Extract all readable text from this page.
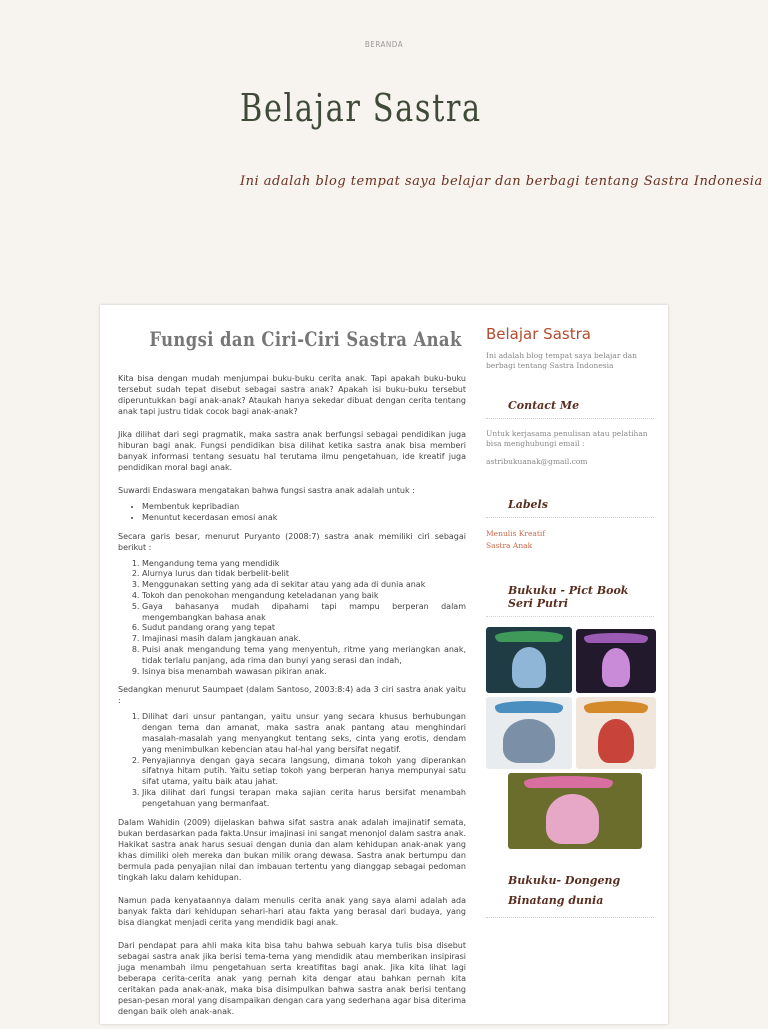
BERANDA
Belajar Sastra
Ini adalah blog tempat saya belajar dan berbagi tentang Sastra Indonesia
Fungsi dan Ciri-Ciri Sastra Anak

Kita bisa dengan mudah menjumpai buku-buku cerita anak. Tapi apakah buku-buku tersebut sudah tepat disebut sebagai sastra anak? Apakah isi buku-buku tersebut diperuntukkan bagi anak-anak? Ataukah hanya sekedar dibuat dengan cerita tentang anak tapi justru tidak cocok bagi anak-anak?

Jika dilihat dari segi pragmatik, maka sastra anak berfungsi sebagai pendidikan juga hiburan bagi anak. Fungsi pendidikan bisa dilihat ketika sastra anak bisa memberi banyak informasi tentang sesuatu hal terutama ilmu pengetahuan, ide kreatif juga pendidikan moral bagi anak.

Suwardi Endaswara mengatakan bahwa fungsi sastra anak adalah untuk :

• Membentuk kepribadian
• Menuntut kecerdasan emosi anak

Secara garis besar, menurut Puryanto (2008:7) sastra anak memiliki ciri sebagai berikut :

1. Mengandung tema yang mendidik
2. Alurnya lurus dan tidak berbelit-belit
3. Menggunakan setting yang ada di sekitar atau yang ada di dunia anak
4. Tokoh dan penokohan mengandung keteladanan yang baik
5. Gaya bahasanya mudah dipahami tapi mampu berperan dalam mengembangkan bahasa anak
6. Sudut pandang orang yang tepat
7. Imajinasi masih dalam jangkauan anak.
8. Puisi anak mengandung tema yang menyentuh, ritme yang meriangkan anak, tidak terlalu panjang, ada rima dan bunyi yang serasi dan indah,
9. Isinya bisa menambah wawasan pikiran anak.

Sedangkan menurut Saumpaet (dalam Santoso, 2003:8:4) ada 3 ciri sastra anak yaitu :

1. Dilihat dari unsur pantangan, yaitu unsur yang secara khusus berhubungan dengan tema dan amanat, maka sastra anak pantang atau menghindari masalah-masalah yang menyangkut tentang seks, cinta yang erotis, dendam yang menimbulkan kebencian atau hal-hal yang bersifat negatif.
2. Penyajiannya dengan gaya secara langsung, dimana tokoh yang diperankan sifatnya hitam putih. Yaitu setiap tokoh yang berperan hanya mempunyai satu sifat utama, yaitu baik atau jahat.
3. Jika dilihat dari fungsi terapan maka sajian cerita harus bersifat menambah pengetahuan yang bermanfaat.

Dalam Wahidin (2009) dijelaskan bahwa sifat sastra anak adalah imajinatif semata, bukan berdasarkan pada fakta.Unsur imajinasi ini sangat menonjol dalam sastra anak. Hakikat sastra anak harus sesuai dengan dunia dan alam kehidupan anak-anak yang khas dimiliki oleh mereka dan bukan milik orang dewasa. Sastra anak bertumpu dan bermula pada penyajian nilai dan imbauan tertentu yang dianggap sebagai pedoman tingkah laku dalam kehidupan.

Namun pada kenyataannya dalam menulis cerita anak yang saya alami adalah ada banyak fakta dari kehidupan sehari-hari atau fakta yang berasal dari budaya, yang bisa diangkat menjadi cerita yang mendidik bagi anak.

Dari pendapat para ahli maka kita bisa tahu bahwa sebuah karya tulis bisa disebut sebagai sastra anak jika berisi tema-tema yang mendidik atau memberikan insipirasi juga menambah ilmu pengetahuan serta kreatifitas bagi anak. Jika kita lihat lagi beberapa cerita-cerita anak yang pernah kita dengar atau bahkan pernah kita ceritakan pada anak-anak, maka bisa disimpulkan bahwa sastra anak berisi tentang pesan-pesan moral yang disampaikan dengan cara yang sederhana agar bisa diterima dengan baik oleh anak-anak.

Belajar Sastra
Ini adalah blog tempat saya belajar dan berbagi tentang Sastra Indonesia
Contact Me
Untuk kerjasama penulisan atau pelatihan bisa menghubungi email :
astribukuanak@gmail.com
Labels
Menulis Kreatif
Sastra Anak
Bukuku - Pict Book Seri Putri
Bukuku- Dongeng Binatang dunia
